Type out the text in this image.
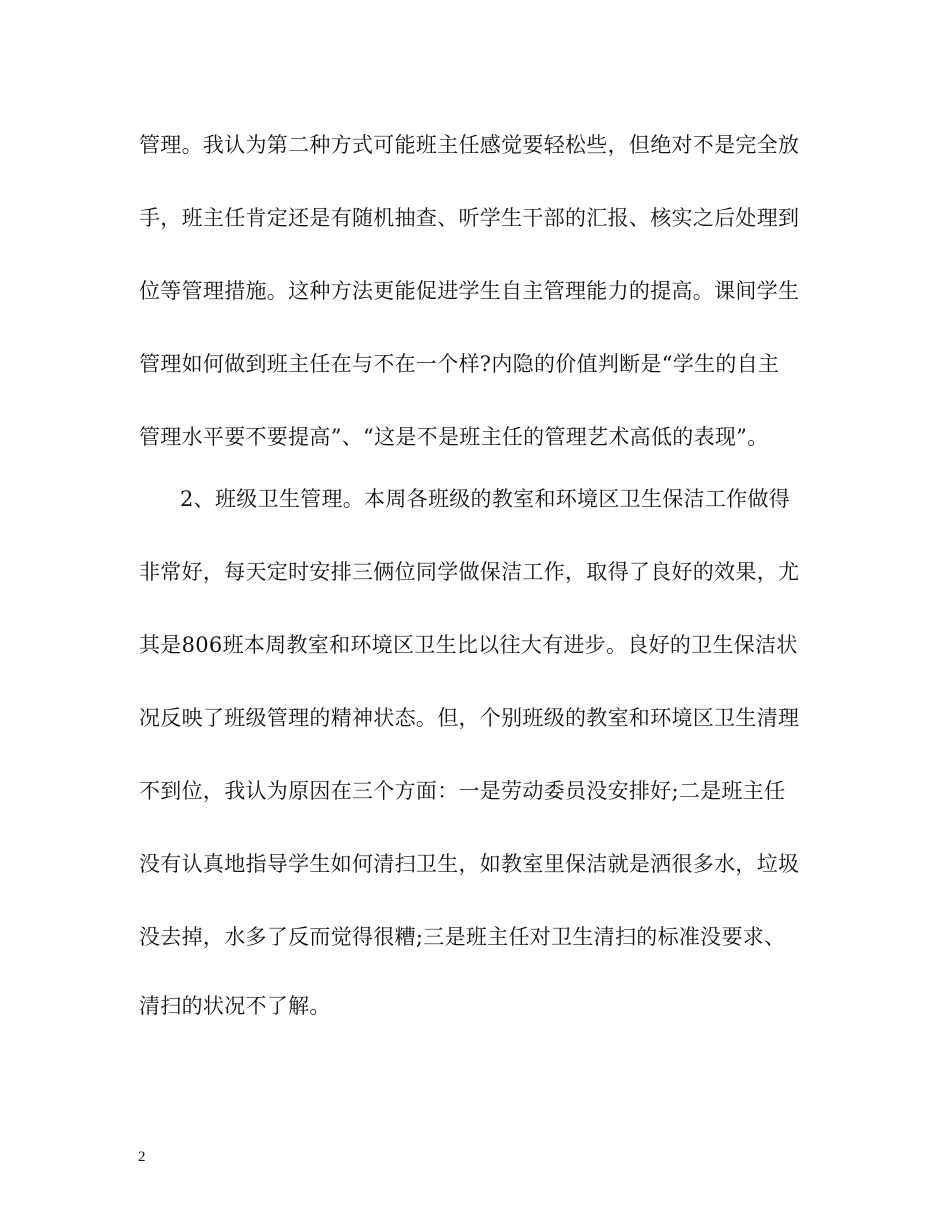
管理。我认为第二种方式可能班主任感觉要轻松些，但绝对不是完全放
手，班主任肯定还是有随机抽查、听学生干部的汇报、核实之后处理到
位等管理措施。这种方法更能促进学生自主管理能力的提高。课间学生
管理如何做到班主任在与不在一个样?内隐的价值判断是“学生的自主
管理水平要不要提高”、“这是不是班主任的管理艺术高低的表现”。
2、班级卫生管理。本周各班级的教室和环境区卫生保洁工作做得
非常好，每天定时安排三俩位同学做保洁工作，取得了良好的效果，尤
其是806班本周教室和环境区卫生比以往大有进步。良好的卫生保洁状
况反映了班级管理的精神状态。但，个别班级的教室和环境区卫生清理
不到位，我认为原因在三个方面：一是劳动委员没安排好;二是班主任
没有认真地指导学生如何清扫卫生，如教室里保洁就是洒很多水，垃圾
没去掉，水多了反而觉得很糟;三是班主任对卫生清扫的标准没要求、
清扫的状况不了解。
2
